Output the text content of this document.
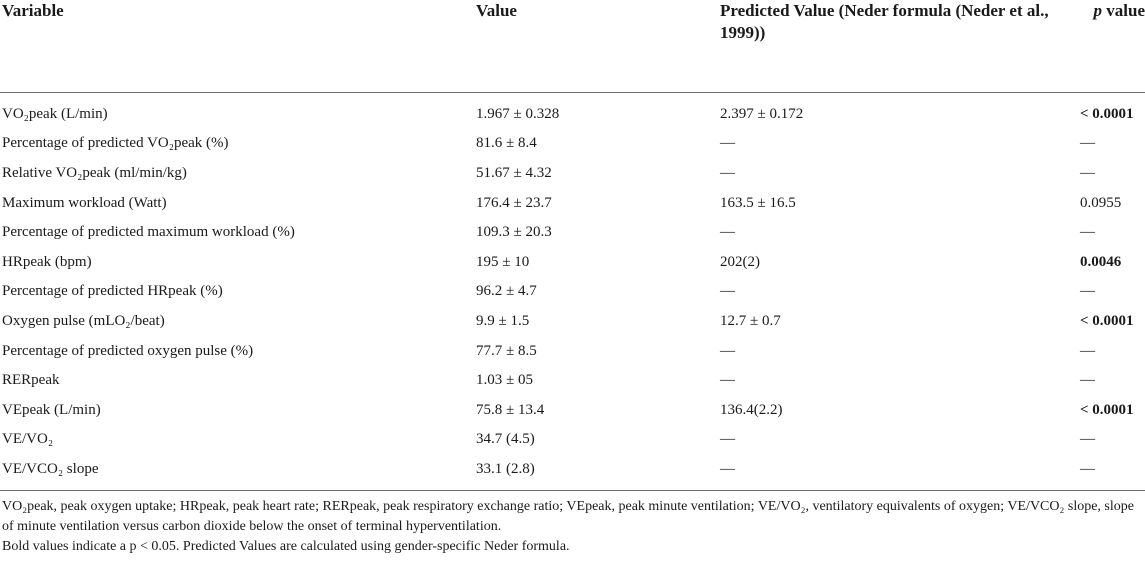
Variable	Value	Predicted Value (Neder formula (Neder et al., 1999))	p value
VO₂peak (L/min)	1.967 ± 0.328	2.397 ± 0.172	< 0.0001
Percentage of predicted VO₂peak (%)	81.6 ± 8.4	—	—
Relative VO₂peak (ml/min/kg)	51.67 ± 4.32	—	—
Maximum workload (Watt)	176.4 ± 23.7	163.5 ± 16.5	0.0955
Percentage of predicted maximum workload (%)	109.3 ± 20.3	—	—
HRpeak (bpm)	195 ± 10	202(2)	0.0046
Percentage of predicted HRpeak (%)	96.2 ± 4.7	—	—
Oxygen pulse (mLO₂/beat)	9.9 ± 1.5	12.7 ± 0.7	< 0.0001
Percentage of predicted oxygen pulse (%)	77.7 ± 8.5	—	—
RERpeak	1.03 ± 05	—	—
VEpeak (L/min)	75.8 ± 13.4	136.4(2.2)	< 0.0001
VE/VO₂	34.7 (4.5)	—	—
VE/VCO₂ slope	33.1 (2.8)	—	—

VO₂peak, peak oxygen uptake; HRpeak, peak heart rate; RERpeak, peak respiratory exchange ratio; VEpeak, peak minute ventilation; VE/VO₂, ventilatory equivalents of oxygen; VE/VCO₂ slope, slope of minute ventilation versus carbon dioxide below the onset of terminal hyperventilation.

Bold values indicate a p < 0.05. Predicted Values are calculated using gender-specific Neder formula.
